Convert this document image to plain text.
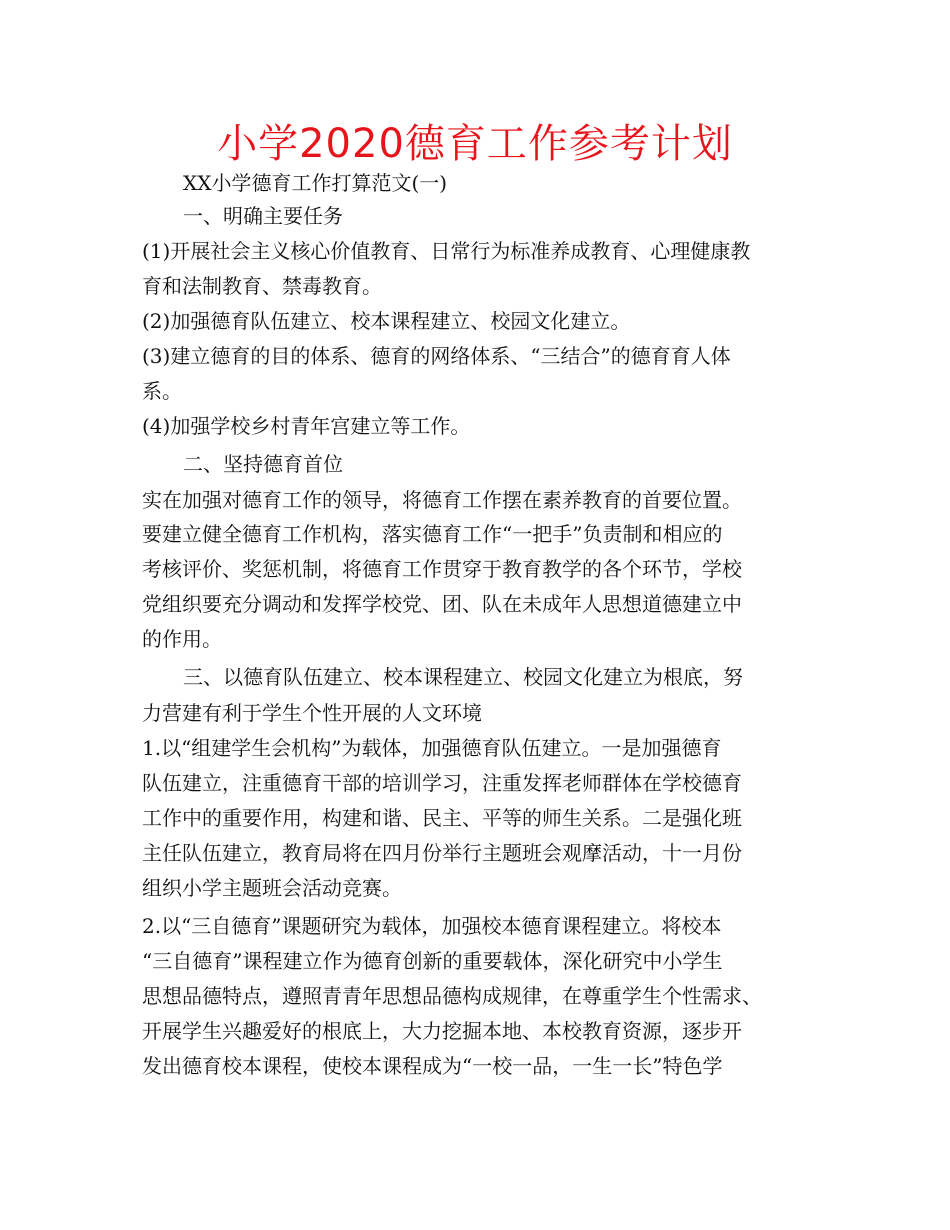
小学2020德育工作参考计划
XX小学德育工作打算范文(一)
一、明确主要任务
(1)开展社会主义核心价值教育、日常行为标准养成教育、心理健康教
育和法制教育、禁毒教育。
(2)加强德育队伍建立、校本课程建立、校园文化建立。
(3)建立德育的目的体系、德育的网络体系、“三结合”的德育育人体
系。
(4)加强学校乡村青年宫建立等工作。
二、坚持德育首位
实在加强对德育工作的领导，将德育工作摆在素养教育的首要位置。
要建立健全德育工作机构，落实德育工作“一把手”负责制和相应的
考核评价、奖惩机制，将德育工作贯穿于教育教学的各个环节，学校
党组织要充分调动和发挥学校党、团、队在未成年人思想道德建立中
的作用。
三、以德育队伍建立、校本课程建立、校园文化建立为根底，努
力营建有利于学生个性开展的人文环境
1.以“组建学生会机构”为载体，加强德育队伍建立。一是加强德育
队伍建立，注重德育干部的培训学习，注重发挥老师群体在学校德育
工作中的重要作用，构建和谐、民主、平等的师生关系。二是强化班
主任队伍建立，教育局将在四月份举行主题班会观摩活动，十一月份
组织小学主题班会活动竞赛。
2.以“三自德育”课题研究为载体，加强校本德育课程建立。将校本
“三自德育”课程建立作为德育创新的重要载体，深化研究中小学生
思想品德特点，遵照青青年思想品德构成规律，在尊重学生个性需求、
开展学生兴趣爱好的根底上，大力挖掘本地、本校教育资源，逐步开
发出德育校本课程，使校本课程成为“一校一品，一生一长”特色学
